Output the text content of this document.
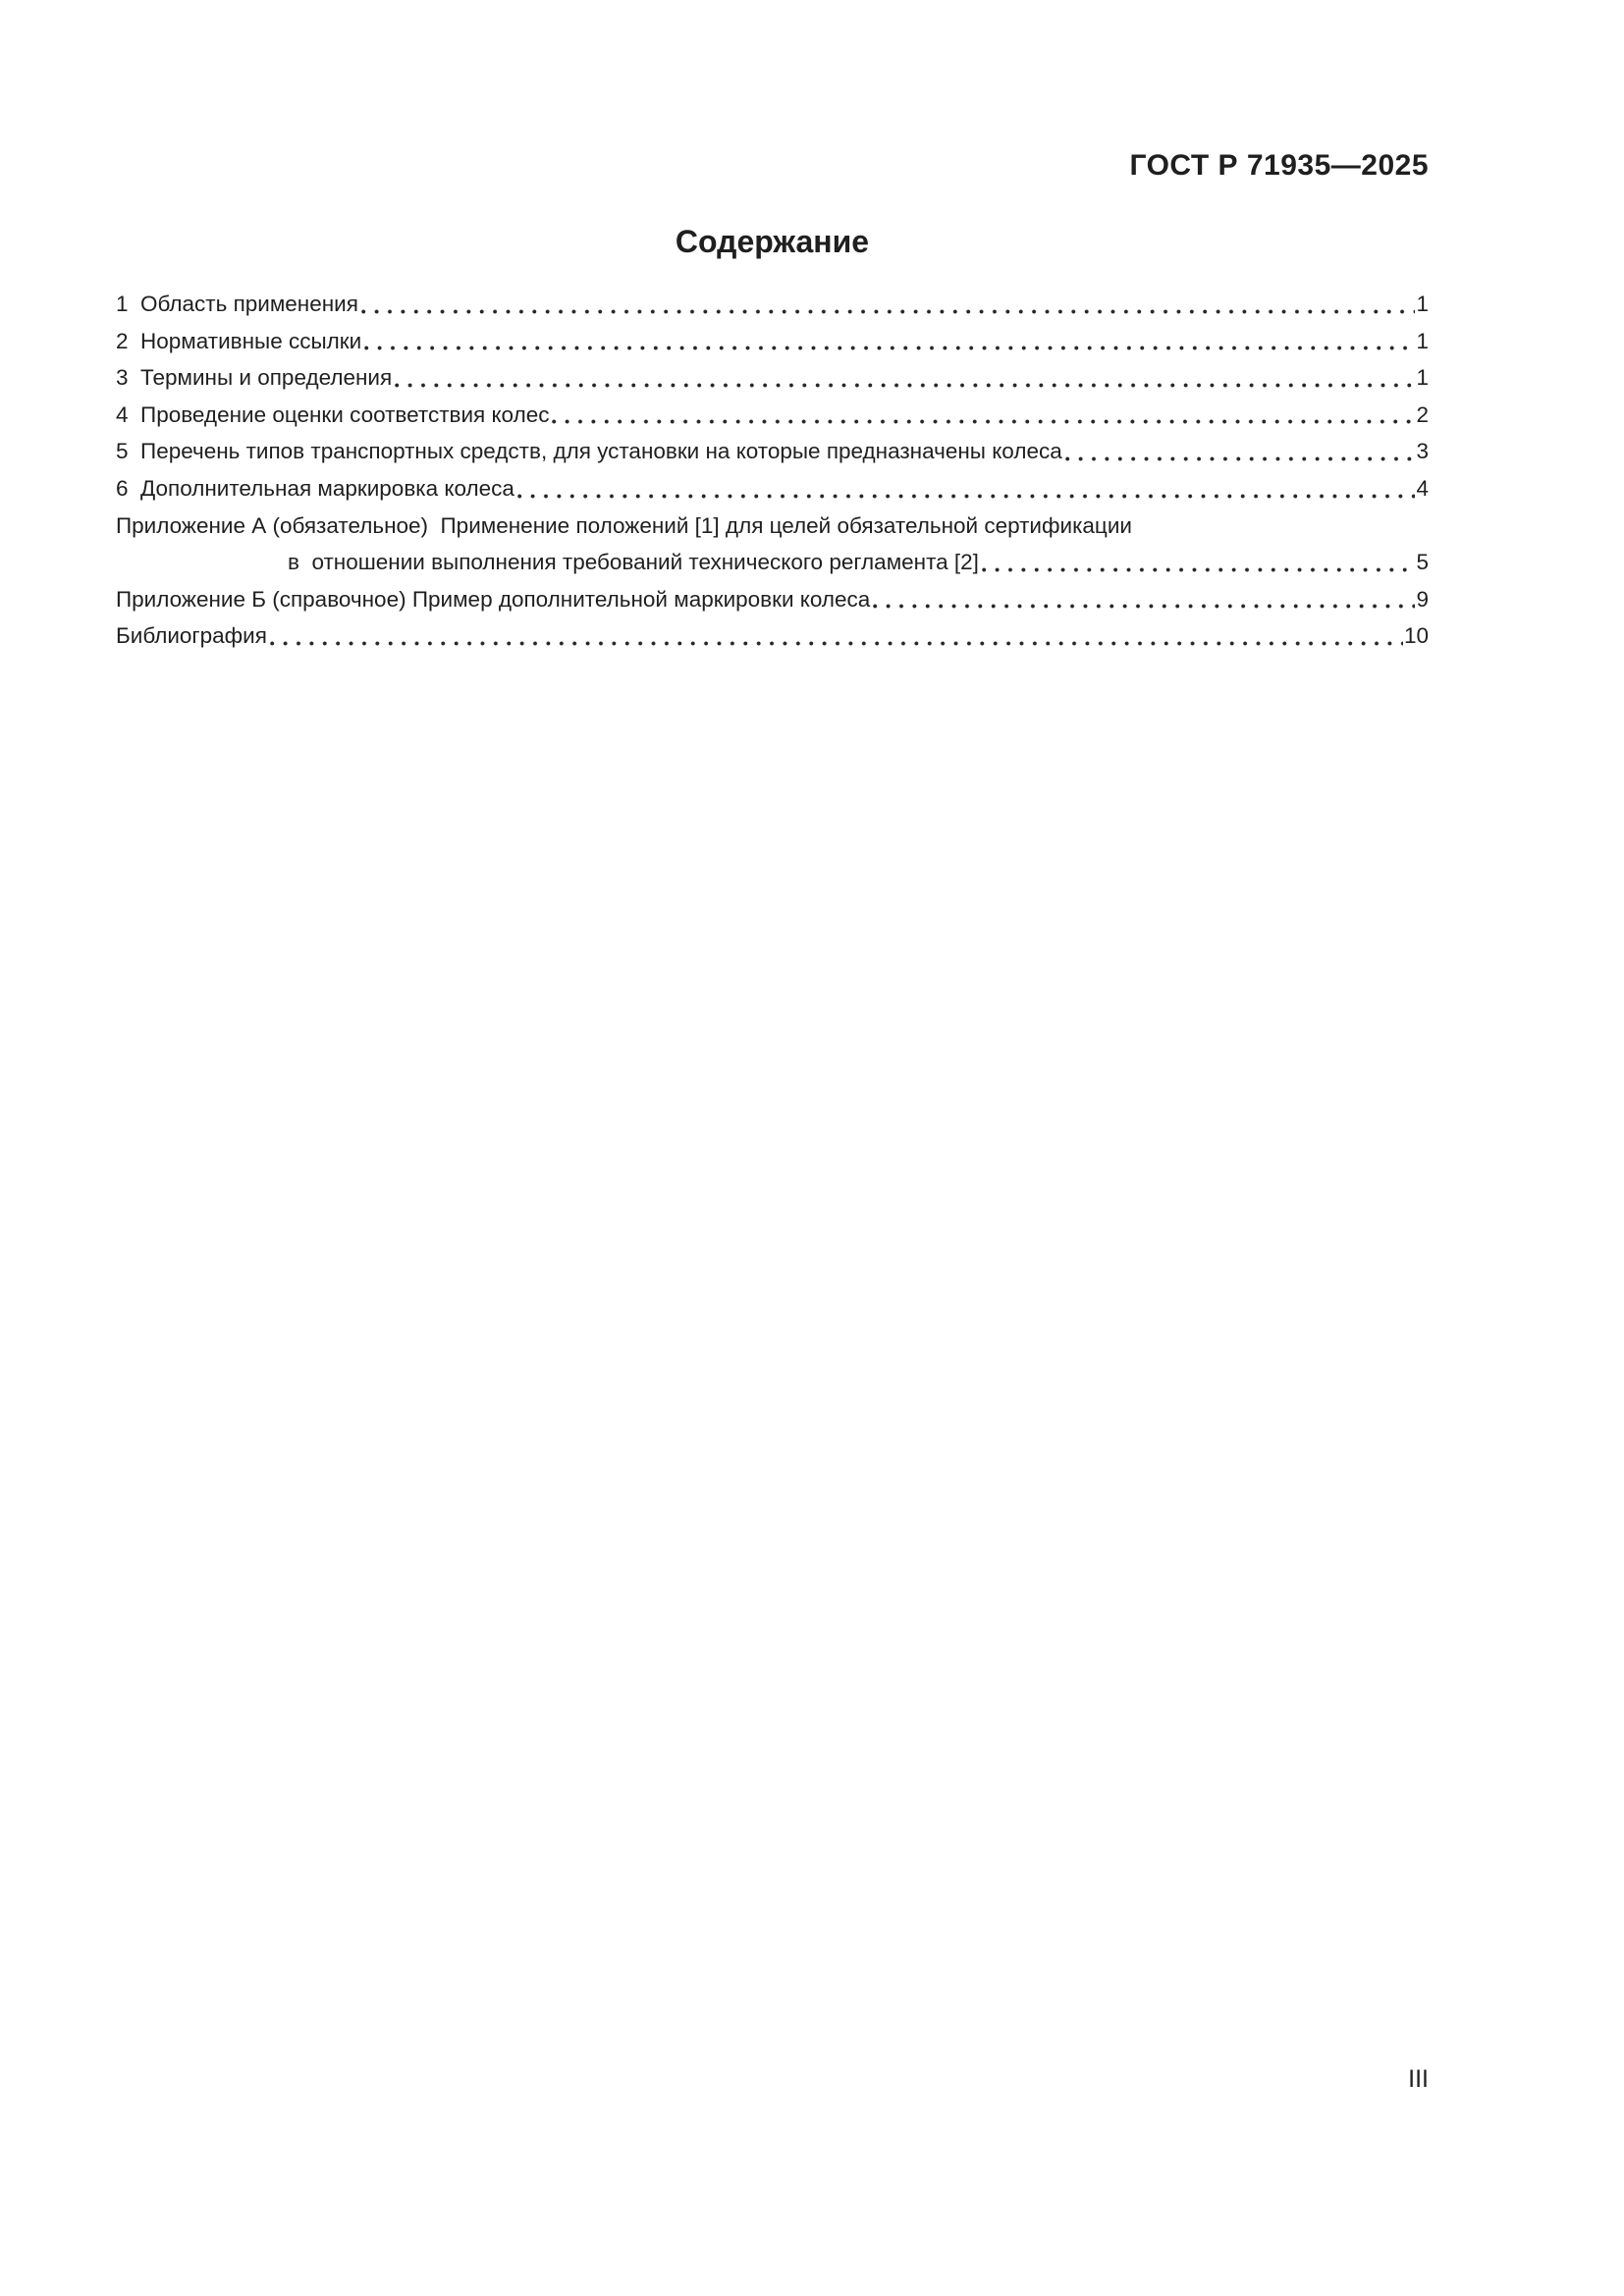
ГОСТ Р 71935—2025
Содержание
1  Область применения	1
2  Нормативные ссылки	1
3  Термины и определения	1
4  Проведение оценки соответствия колес	2
5  Перечень типов транспортных средств, для установки на которые предназначены колеса	3
6  Дополнительная маркировка колеса	4
Приложение А (обязательное)  Применение положений [1] для целей обязательной сертификации
в  отношении выполнения требований технического регламента [2]	5
Приложение Б (справочное) Пример дополнительной маркировки колеса	9
Библиография	10
III
